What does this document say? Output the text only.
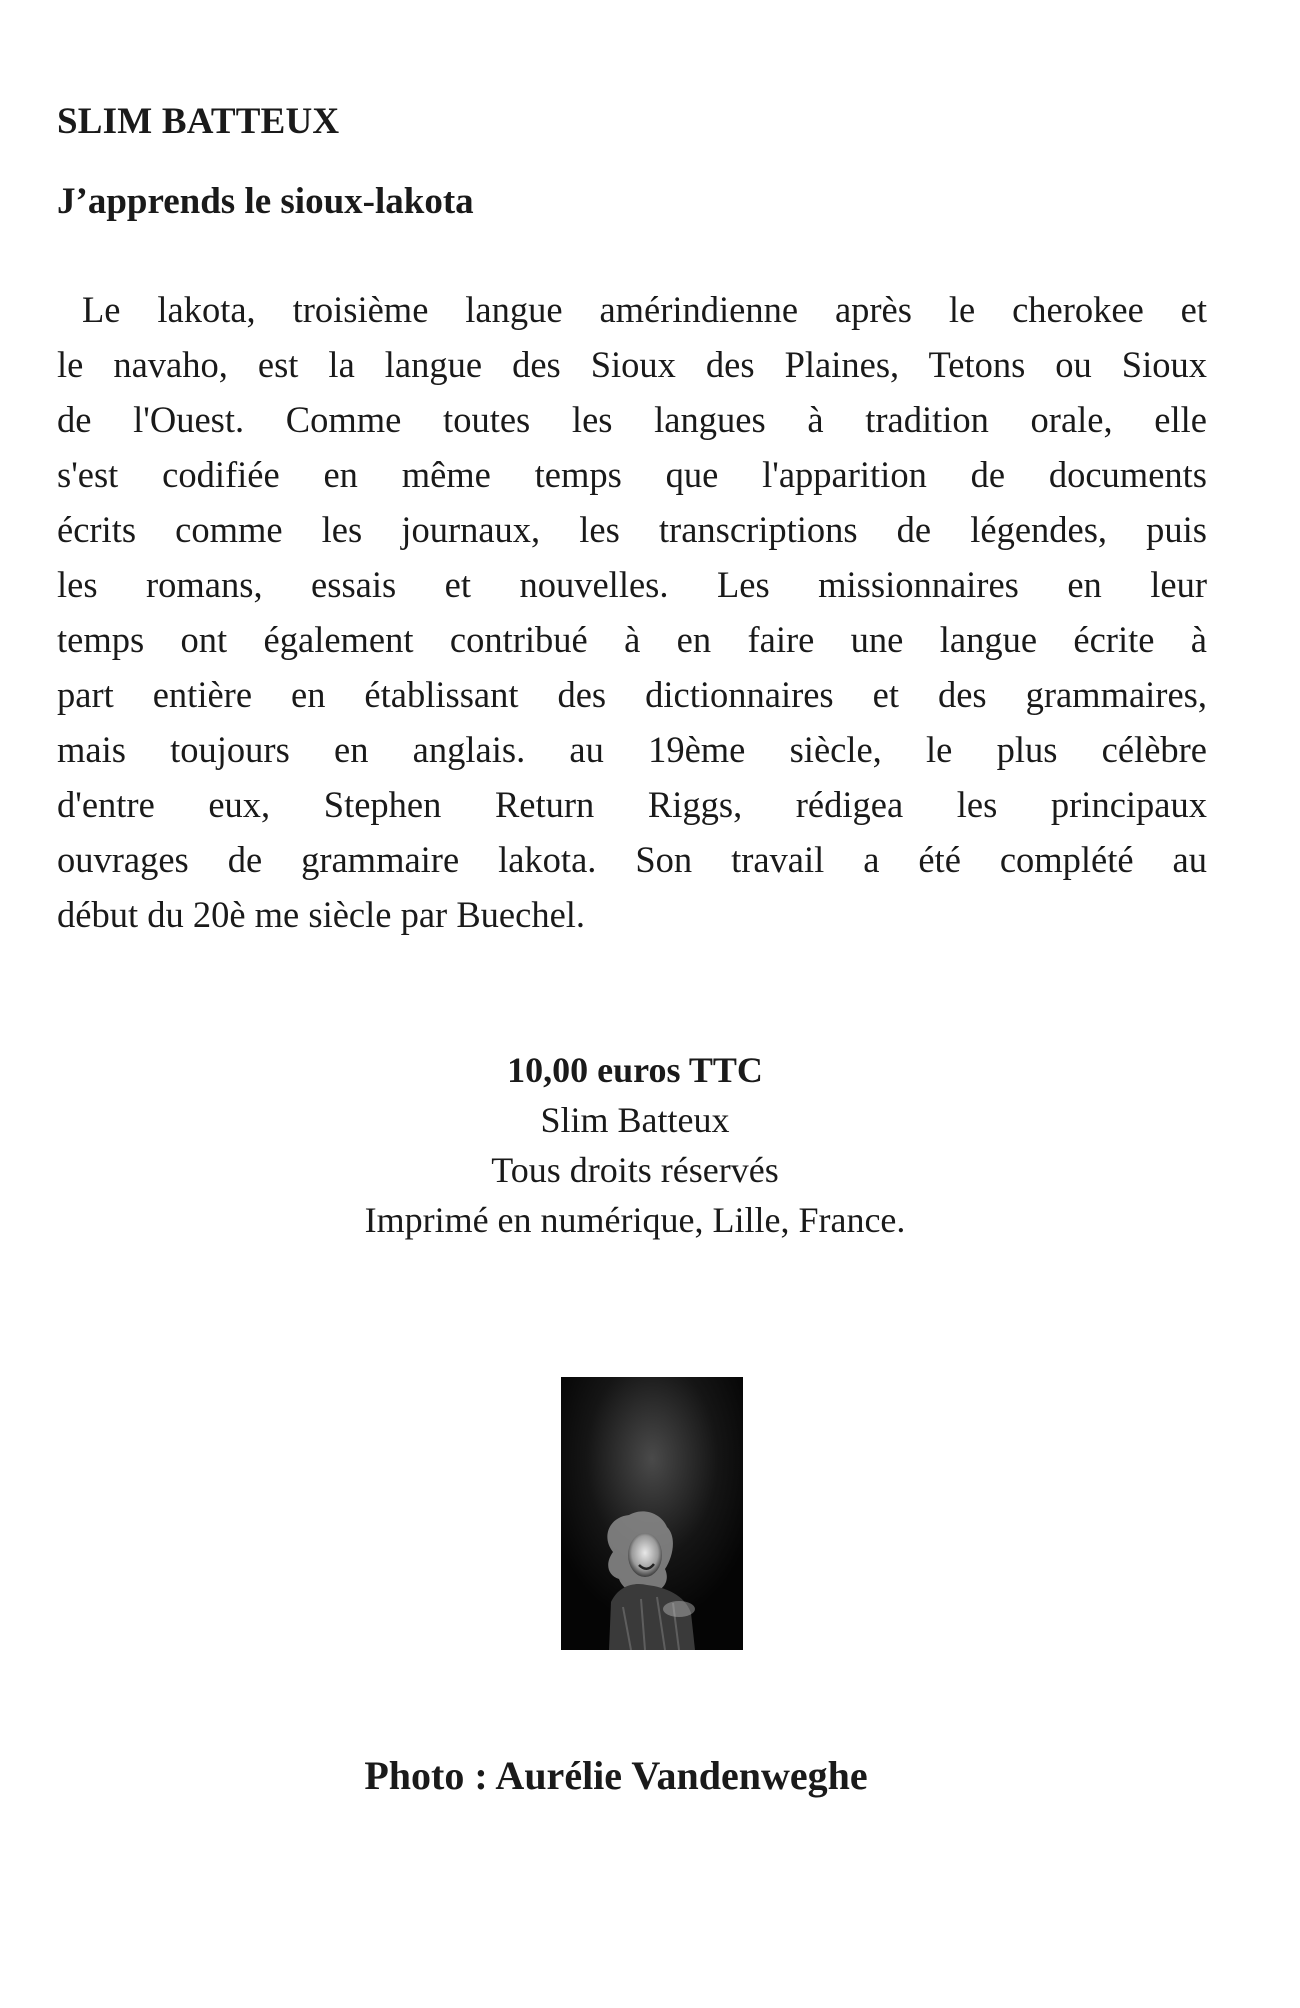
SLIM BATTEUX
J’apprends le sioux-lakota
Le lakota, troisième langue amérindienne après le cherokee et
le navaho, est la langue des Sioux des Plaines, Tetons ou Sioux
de l'Ouest. Comme toutes les langues à tradition orale, elle
s'est codifiée en même temps que l'apparition de documents
écrits comme les journaux, les transcriptions de légendes, puis
les romans, essais et nouvelles. Les missionnaires en leur
temps ont également contribué à en faire une langue écrite à
part entière en établissant des dictionnaires et des grammaires,
mais toujours en anglais. au 19ème siècle, le plus célèbre
d'entre eux, Stephen Return Riggs, rédigea les principaux
ouvrages de grammaire lakota. Son travail a été complété au
début du 20è me siècle par Buechel.
10,00 euros TTC
Slim Batteux
Tous droits réservés
Imprimé en numérique, Lille, France.
Photo : Aurélie Vandenweghe
